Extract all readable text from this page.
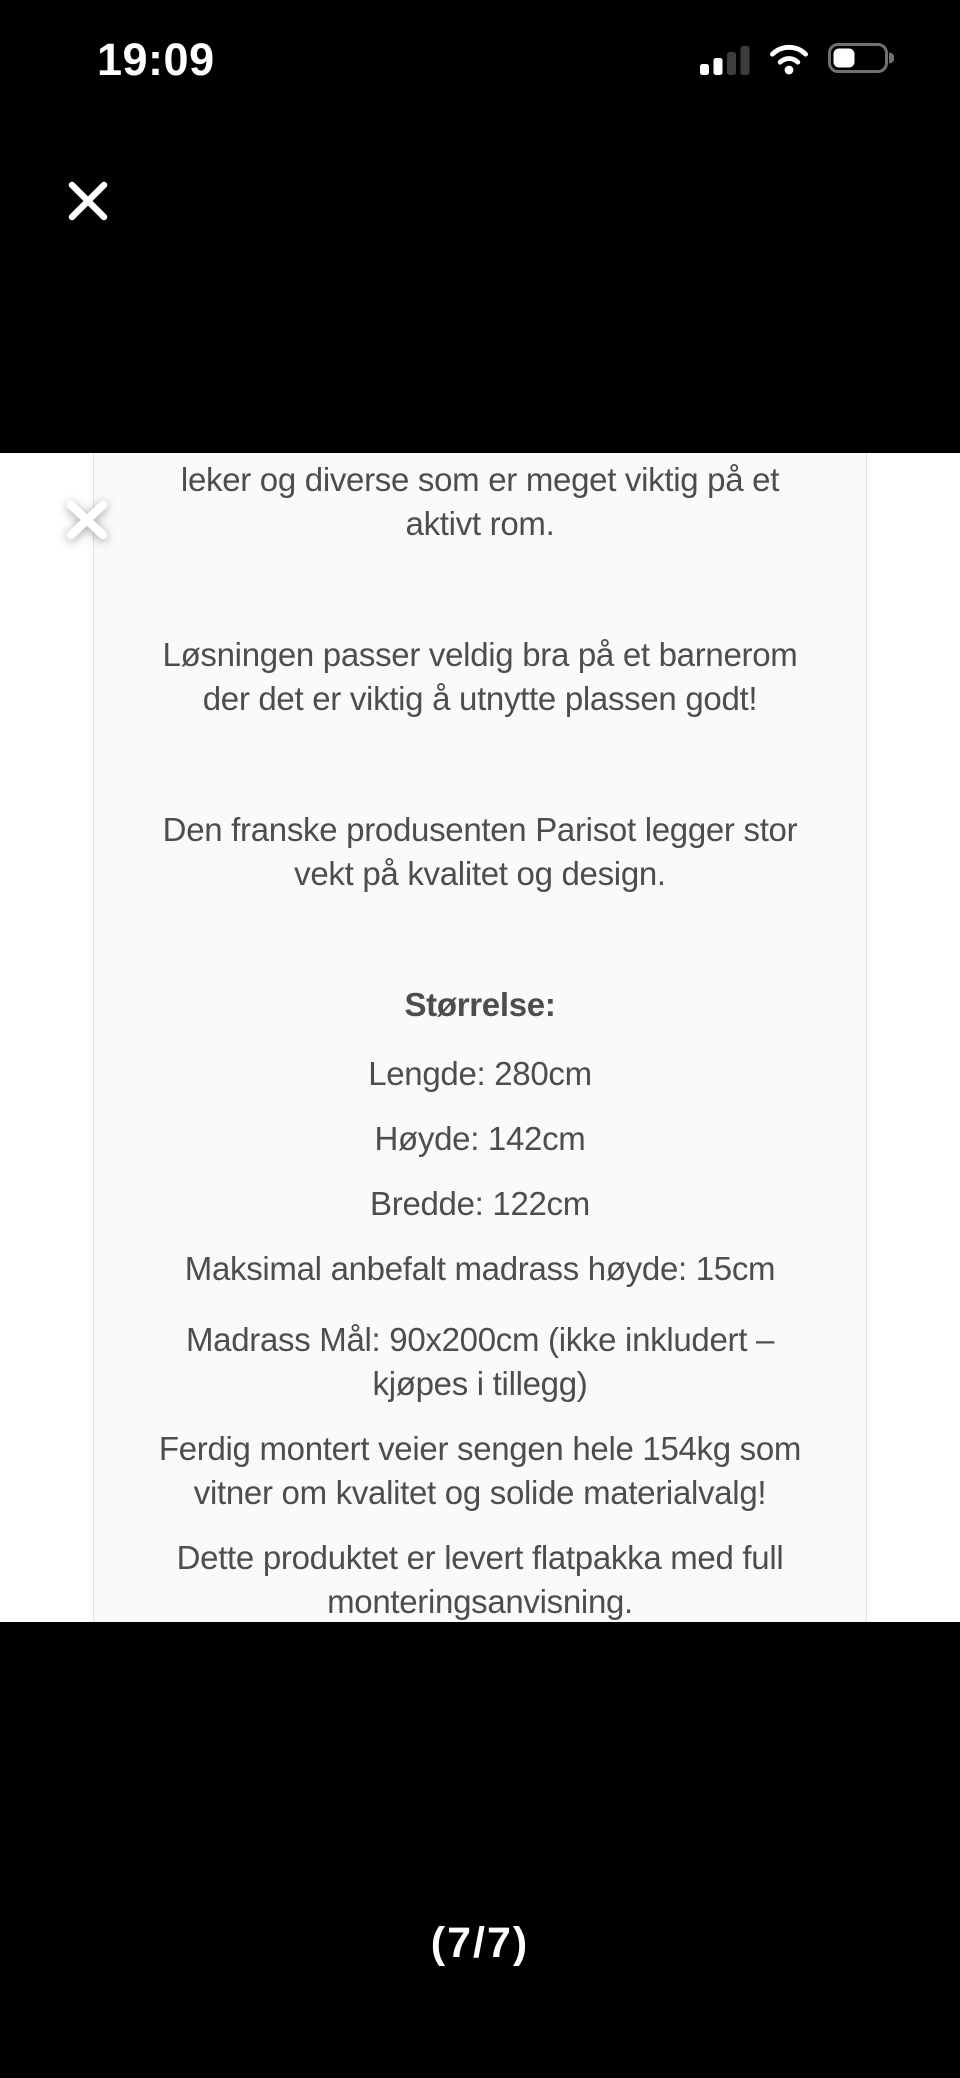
19:09

leker og diverse som er meget viktig på et
aktivt rom.

Løsningen passer veldig bra på et barnerom
der det er viktig å utnytte plassen godt!

Den franske produsenten Parisot legger stor
vekt på kvalitet og design.

Størrelse:

Lengde: 280cm

Høyde: 142cm

Bredde: 122cm

Maksimal anbefalt madrass høyde: 15cm

Madrass Mål: 90x200cm (ikke inkludert –
kjøpes i tillegg)

Ferdig montert veier sengen hele 154kg som
vitner om kvalitet og solide materialvalg!

Dette produktet er levert flatpakka med full
monteringsanvisning.

(7/7)
